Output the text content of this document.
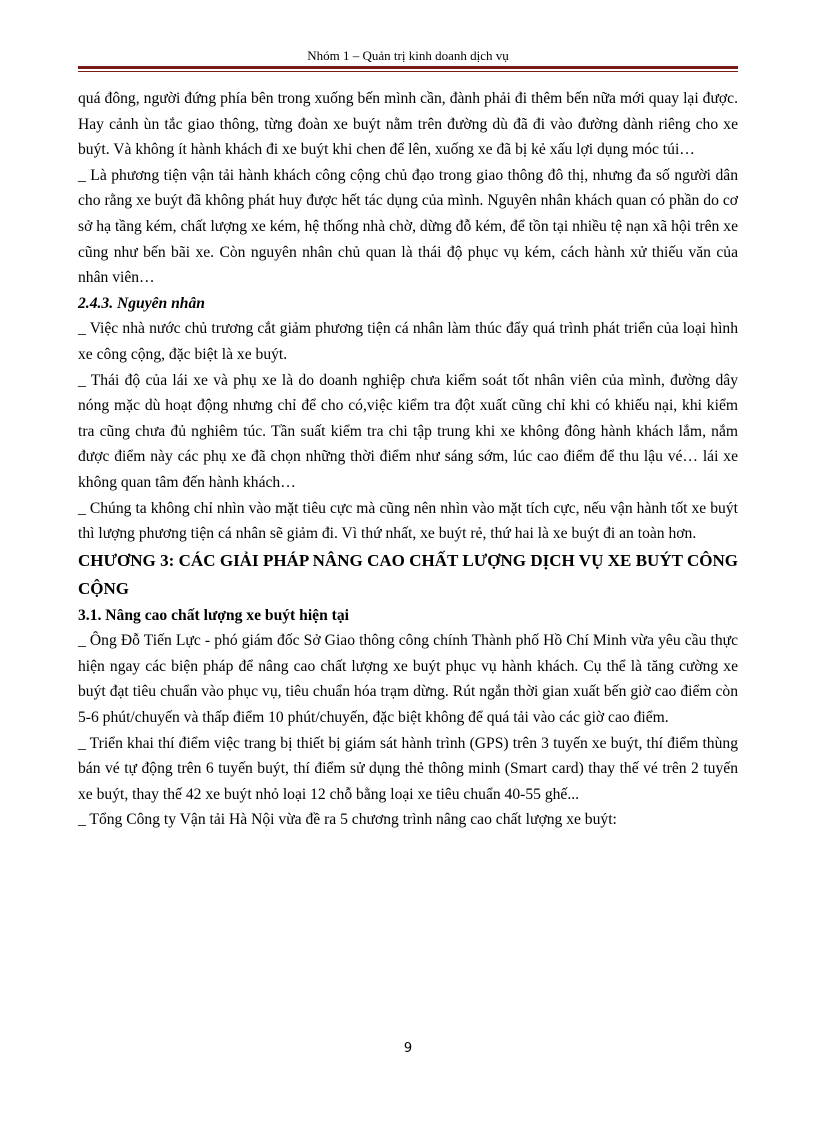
Nhóm 1 – Quản trị kinh doanh dịch vụ

quá đông, người đứng phía bên trong xuống bến mình cần, đành phải đi thêm bến nữa mới quay lại được. Hay cảnh ùn tắc giao thông, từng đoàn xe buýt nằm trên đường dù đã đi vào đường dành riêng cho xe buýt. Và không ít hành khách đi xe buýt khi chen để lên, xuống xe đã bị kẻ xấu lợi dụng móc túi…

_ Là phương tiện vận tải hành khách công cộng chủ đạo trong giao thông đô thị, nhưng đa số người dân cho rằng xe buýt đã không phát huy được hết tác dụng của mình. Nguyên nhân khách quan có phần do cơ sở hạ tầng kém, chất lượng xe kém, hệ thống nhà chờ, dừng đỗ kém, để tồn tại nhiều tệ nạn xã hội trên xe cũng như bến bãi xe. Còn nguyên nhân chủ quan là thái độ phục vụ kém, cách hành xử thiếu văn của nhân viên…

2.4.3. Nguyên nhân

_ Việc nhà nước chủ trương cắt giảm phương tiện cá nhân làm thúc đẩy quá trình phát triển của loại hình xe công cộng, đặc biệt là xe buýt.

_ Thái độ của lái xe và phụ xe là do doanh nghiệp chưa kiểm soát tốt nhân viên của mình, đường dây nóng mặc dù hoạt động nhưng chỉ để cho có,việc kiểm tra đột xuất cũng chỉ khi có khiếu nại, khi kiểm tra cũng chưa đủ nghiêm túc. Tần suất kiểm tra chi tập trung khi xe không đông hành khách lắm, nắm được điểm này các phụ xe đã chọn những thời điểm như sáng sớm, lúc cao điểm để thu lậu vé… lái xe không quan tâm đến hành khách…

_ Chúng ta không chỉ nhìn vào mặt tiêu cực mà cũng nên nhìn vào mặt tích cực, nếu vận hành tốt xe buýt thì lượng phương tiện cá nhân sẽ giảm đi. Vì thứ nhất, xe buýt rẻ, thứ hai là xe buýt đi an toàn hơn.

CHƯƠNG 3: CÁC GIẢI PHÁP NÂNG CAO CHẤT LƯỢNG DỊCH VỤ XE BUÝT CÔNG CỘNG

3.1. Nâng cao chất lượng xe buýt hiện tại

_ Ông Đỗ Tiến Lực - phó giám đốc Sở Giao thông công chính Thành phố Hồ Chí Minh vừa yêu cầu thực hiện ngay các biện pháp để nâng cao chất lượng xe buýt phục vụ hành khách. Cụ thể là tăng cường xe buýt đạt tiêu chuẩn vào phục vụ, tiêu chuẩn hóa trạm dừng. Rút ngắn thời gian xuất bến giờ cao điểm còn 5-6 phút/chuyến và thấp điểm 10 phút/chuyến, đặc biệt không để quá tải vào các giờ cao điểm.

_ Triển khai thí điểm việc trang bị thiết bị giám sát hành trình (GPS) trên 3 tuyến xe buýt, thí điểm thùng bán vé tự động trên 6 tuyến buýt, thí điểm sử dụng thẻ thông minh (Smart card) thay thế vé trên 2 tuyến xe buýt, thay thế 42 xe buýt nhỏ loại 12 chỗ bằng loại xe tiêu chuẩn 40-55 ghế...

_ Tổng Công ty Vận tải Hà Nội vừa đề ra 5 chương trình nâng cao chất lượng xe buýt:

9
